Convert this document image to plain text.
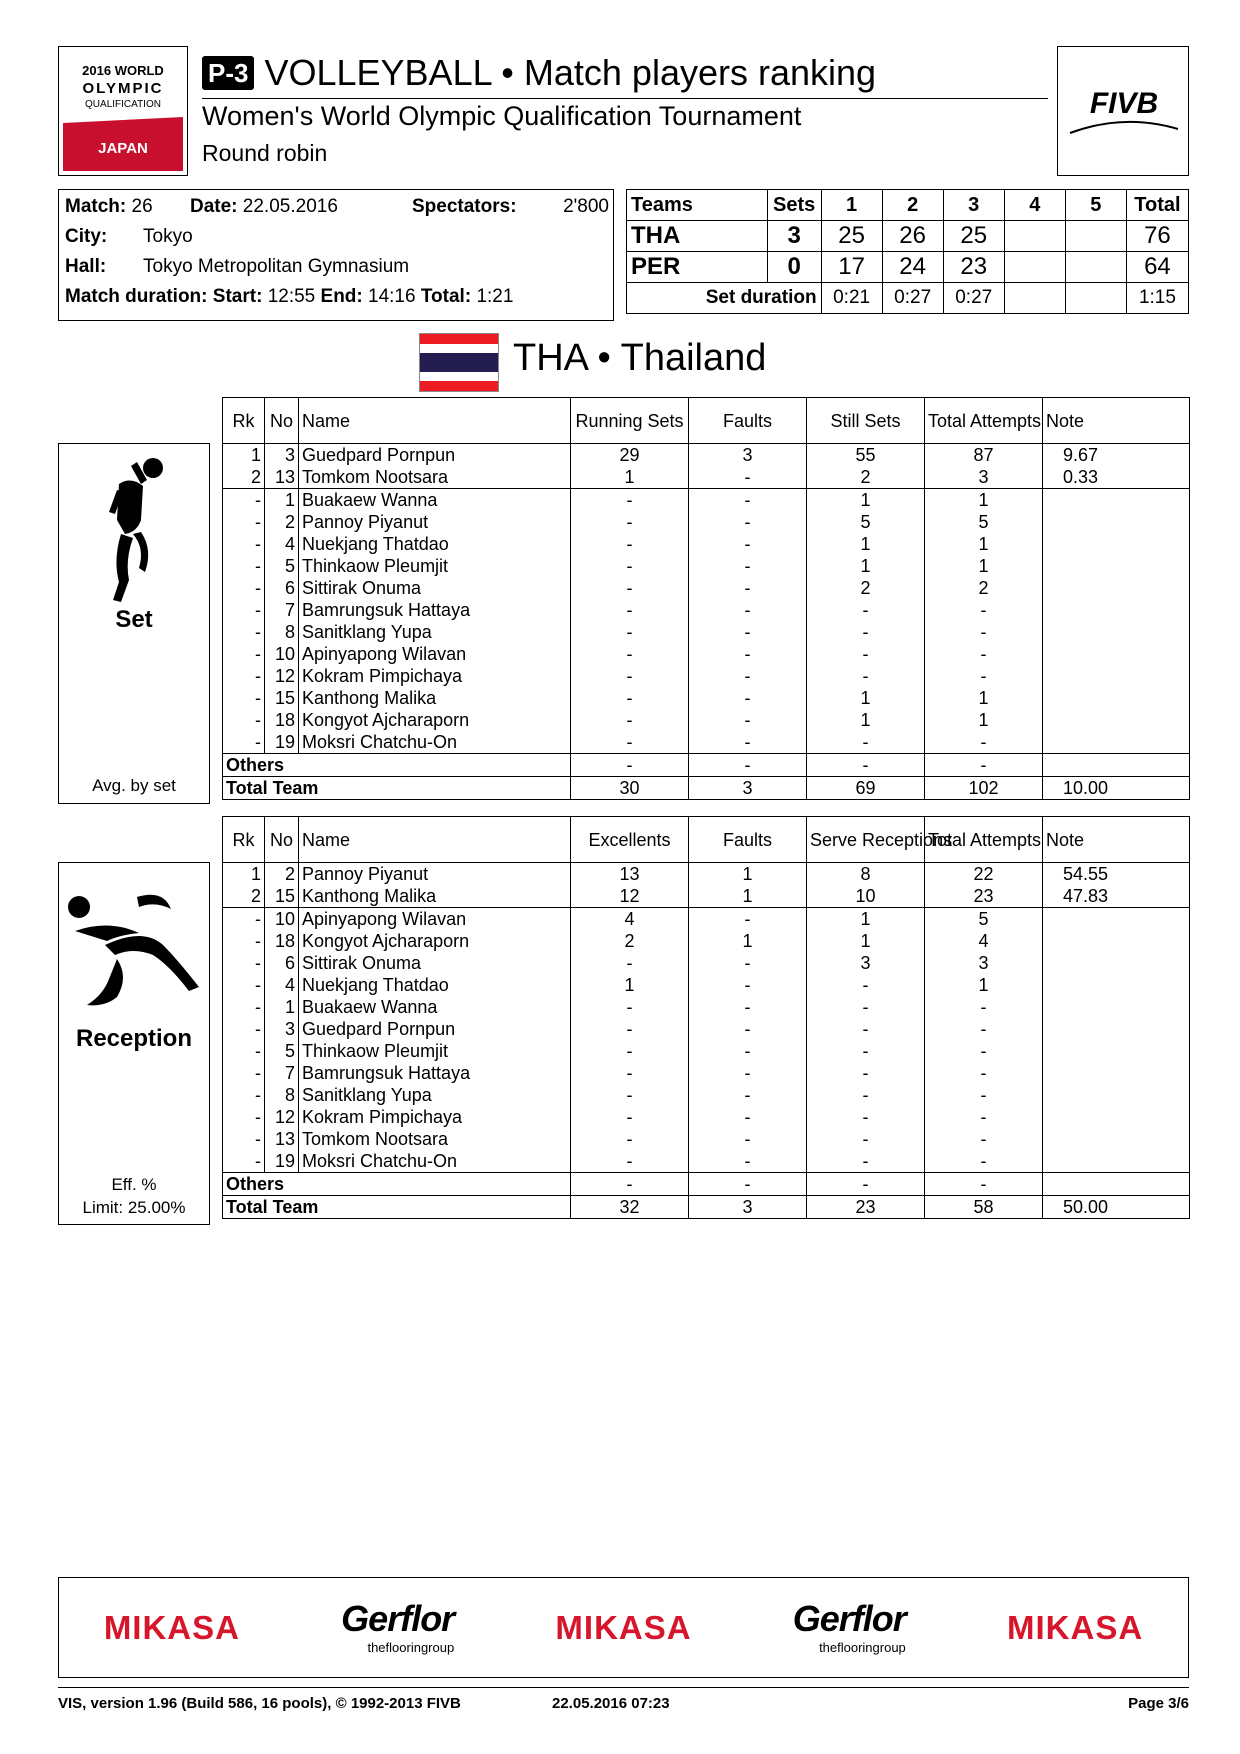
2016 WORLD
OLYMPIC
QUALIFICATION
JAPAN
P-3 VOLLEYBALL • Match players ranking
Women's World Olympic Qualification Tournament
Round robin
FIVB
Match: 26 Date: 22.05.2016	Spectators: 2'800
City: Tokyo
Hall: Tokyo Metropolitan Gymnasium
Match duration: Start: 12:55 End: 14:16 Total: 1:21
Teams	Sets	1	2	3	4	5	Total
THA	3	25	26	25			76
PER	0	17	24	23			64
Set duration		0:21	0:27	0:27			1:15
THA • Thailand
Set
Avg. by set
Rk	No	Name	Running Sets	Faults	Still Sets	Total Attempts	Note
1	3	Guedpard Pornpun	29	3	55	87	9.67
2	13	Tomkom Nootsara	1	-	2	3	0.33
-	1	Buakaew Wanna	-	-	1	1	
-	2	Pannoy Piyanut	-	-	5	5	
-	4	Nuekjang Thatdao	-	-	1	1	
-	5	Thinkaow Pleumjit	-	-	1	1	
-	6	Sittirak Onuma	-	-	2	2	
-	7	Bamrungsuk Hattaya	-	-	-	-	
-	8	Sanitklang Yupa	-	-	-	-	
-	10	Apinyapong Wilavan	-	-	-	-	
-	12	Kokram Pimpichaya	-	-	-	-	
-	15	Kanthong Malika	-	-	1	1	
-	18	Kongyot Ajcharaporn	-	-	1	1	
-	19	Moksri Chatchu-On	-	-	-	-	
Others			-	-	-	-	
Total Team			30	3	69	102	10.00
Reception
Eff. %
Limit: 25.00%
Rk	No	Name	Excellents	Faults	Serve Receptions	Total Attempts	Note
1	2	Pannoy Piyanut	13	1	8	22	54.55
2	15	Kanthong Malika	12	1	10	23	47.83
-	10	Apinyapong Wilavan	4	-	1	5	
-	18	Kongyot Ajcharaporn	2	1	1	4	
-	6	Sittirak Onuma	-	-	3	3	
-	4	Nuekjang Thatdao	1	-	-	1	
-	1	Buakaew Wanna	-	-	-	-	
-	3	Guedpard Pornpun	-	-	-	-	
-	5	Thinkaow Pleumjit	-	-	-	-	
-	7	Bamrungsuk Hattaya	-	-	-	-	
-	8	Sanitklang Yupa	-	-	-	-	
-	12	Kokram Pimpichaya	-	-	-	-	
-	13	Tomkom Nootsara	-	-	-	-	
-	19	Moksri Chatchu-On	-	-	-	-	
Others			-	-	-	-	
Total Team			32	3	23	58	50.00
MIKASA	Gerflor
theflooringroup
MIKASA	Gerflor
theflooringroup
MIKASA
VIS, version 1.96 (Build 586, 16 pools), © 1992-2013 FIVB	22.05.2016 07:23	Page 3/6
